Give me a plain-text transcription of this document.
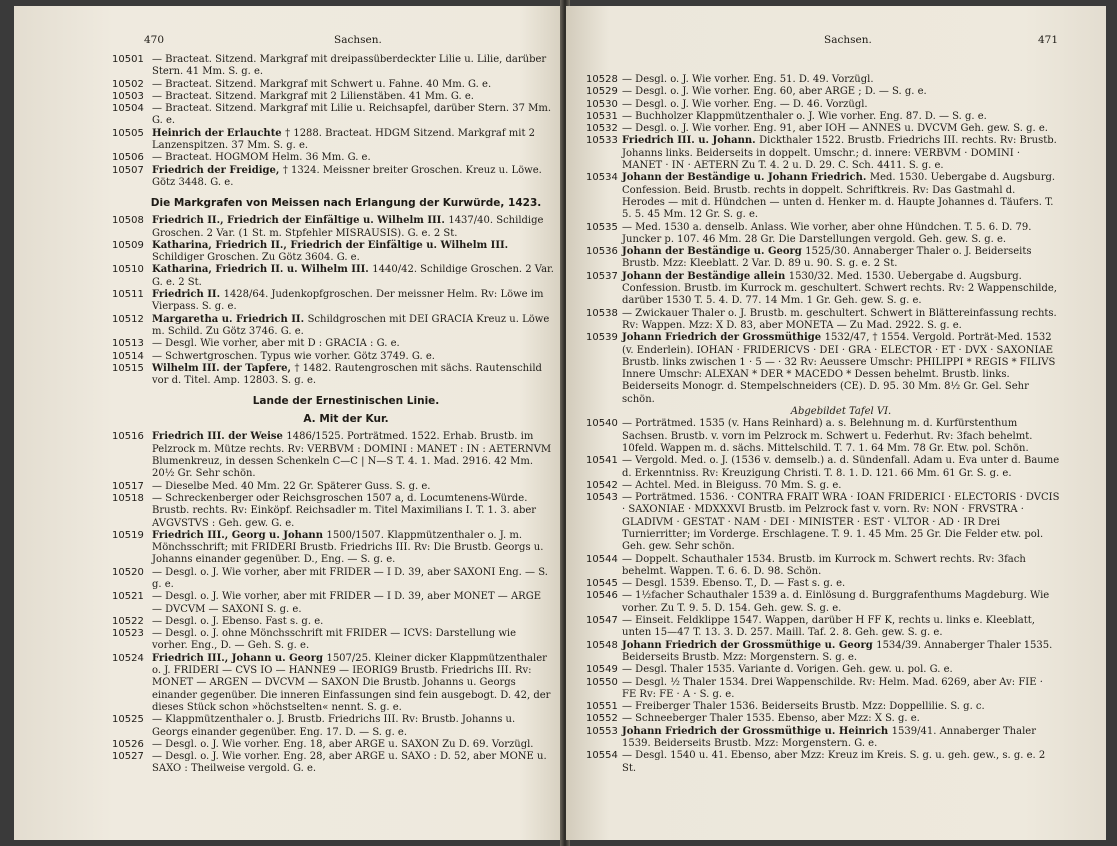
470	Sachsen.
10501 — Bracteat. Sitzend. Markgraf mit dreipassüberdeckter Lilie u. Lilie, darüber Stern. 41 Mm. S. g. e.
10502 — Bracteat. Sitzend. Markgraf mit Schwert u. Fahne. 40 Mm. G. e.
10503 — Bracteat. Sitzend. Markgraf mit 2 Lilienstäben. 41 Mm. G. e.
10504 — Bracteat. Sitzend. Markgraf mit Lilie u. Reichsapfel, darüber Stern. 37 Mm. G. e.
10505 Heinrich der Erlauchte † 1288. Bracteat. HDGM Sitzend. Markgraf mit 2 Lanzenspitzen. 37 Mm. S. g. e.
10506 — Bracteat. HOGMOM Helm. 36 Mm. G. e.
10507 Friedrich der Freidige, † 1324. Meissner breiter Groschen. Kreuz u. Löwe. Götz 3448. G. e.
Die Markgrafen von Meissen nach Erlangung der Kurwürde, 1423.
10508 Friedrich II., Friedrich der Einfältige u. Wilhelm III. 1437/40. Schildige Groschen. 2 Var. (1 St. m. Stpfehler MISRAUSIS). G. e. 2 St.
10509 Katharina, Friedrich II., Friedrich der Einfältige u. Wilhelm III. Schildiger Groschen. Zu Götz 3604. G. e.
10510 Katharina, Friedrich II. u. Wilhelm III. 1440/42. Schildige Groschen. 2 Var. G. e. 2 St.
10511 Friedrich II. 1428/64. Judenkopfgroschen. Der meissner Helm. Rv: Löwe im Vierpass. S. g. e.
10512 Margaretha u. Friedrich II. Schildgroschen mit DEI GRACIA Kreuz u. Löwe m. Schild. Zu Götz 3746. G. e.
10513 — Desgl. Wie vorher, aber mit D : GRACIA : G. e.
10514 — Schwertgroschen. Typus wie vorher. Götz 3749. G. e.
10515 Wilhelm III. der Tapfere, † 1482. Rautengroschen mit sächs. Rautenschild vor d. Titel. Amp. 12803. S. g. e.
Lande der Ernestinischen Linie.
A. Mit der Kur.
10516 Friedrich III. der Weise 1486/1525. Porträtmed. 1522. Erhab. Brustb. im Pelzrock m. Mütze rechts. Rv: VERBVM : DOMINI : MANET : IN : AETERNVM Blumenkreuz, in dessen Schenkeln C—C | N—S T. 4. 1. Mad. 2916. 42 Mm. 20½ Gr. Sehr schön.
10517 — Dieselbe Med. 40 Mm. 22 Gr. Späterer Guss. S. g. e.
10518 — Schreckenberger oder Reichsgroschen 1507 a, d. Locumtenens-Würde. Brustb. rechts. Rv: Einköpf. Reichsadler m. Titel Maximilians I. T. 1. 3. aber AVGVSTVS : Geh. gew. G. e.
10519 Friedrich III., Georg u. Johann 1500/1507. Klappmützenthaler o. J. m. Mönchsschrift; mit FRIDERI Brustb. Friedrichs III. Rv: Die Brustb. Georgs u. Johanns einander gegenüber. D., Eng. — S. g. e.
10520 — Desgl. o. J. Wie vorher, aber mit FRIDER — I D. 39, aber SAXONI Eng. — S. g. e.
10521 — Desgl. o. J. Wie vorher, aber mit FRIDER — I D. 39, aber MONET — ARGE — DVCVM — SAXONI S. g. e.
10522 — Desgl. o. J. Ebenso. Fast s. g. e.
10523 — Desgl. o. J. ohne Mönchsschrift mit FRIDER — ICVS: Darstellung wie vorher. Eng., D. — Geh. S. g. e.
10524 Friedrich III., Johann u. Georg 1507/25. Kleiner dicker Klappmützenthaler o. J. FRIDERI — CVS IO — HANNE9 — IEORIG9 Brustb. Friedrichs III. Rv: MONET — ARGEN — DVCVM — SAXON Die Brustb. Johanns u. Georgs einander gegenüber. Die inneren Einfassungen sind fein ausgebogt. D. 42, der dieses Stück schon »höchstselten« nennt. S. g. e.
10525 — Klappmützenthaler o. J. Brustb. Friedrichs III. Rv: Brustb. Johanns u. Georgs einander gegenüber. Eng. 17. D. — S. g. e.
10526 — Desgl. o. J. Wie vorher. Eng. 18, aber ARGE u. SAXON Zu D. 69. Vorzügl.
10527 — Desgl. o. J. Wie vorher. Eng. 28, aber ARGE u. SAXO : D. 52, aber MONE u. SAXO : Theilweise vergold. G. e.
Sachsen.	471
10528 — Desgl. o. J. Wie vorher. Eng. 51. D. 49. Vorzügl.
10529 — Desgl. o. J. Wie vorher. Eng. 60, aber ARGE ; D. — S. g. e.
10530 — Desgl. o. J. Wie vorher. Eng. — D. 46. Vorzügl.
10531 — Buchholzer Klappmützenthaler o. J. Wie vorher. Eng. 87. D. — S. g. e.
10532 — Desgl. o. J. Wie vorher. Eng. 91, aber IOH — ANNES u. DVCVM Geh. gew. S. g. e.
10533 Friedrich III. u. Johann. Dickthaler 1522. Brustb. Friedrichs III. rechts. Rv: Brustb. Johanns links. Beiderseits in doppelt. Umschr.; d. innere: VERBVM · DOMINI · MANET · IN · AETERN Zu T. 4. 2 u. D. 29. C. Sch. 4411. S. g. e.
10534 Johann der Beständige u. Johann Friedrich. Med. 1530. Uebergabe d. Augsburg. Confession. Beid. Brustb. rechts in doppelt. Schriftkreis. Rv: Das Gastmahl d. Herodes — mit d. Hündchen — unten d. Henker m. d. Haupte Johannes d. Täufers. T. 5. 5. 45 Mm. 12 Gr. S. g. e.
10535 — Med. 1530 a. denselb. Anlass. Wie vorher, aber ohne Hündchen. T. 5. 6. D. 79. Juncker p. 107. 46 Mm. 28 Gr. Die Darstellungen vergold. Geh. gew. S. g. e.
10536 Johann der Beständige u. Georg 1525/30. Annaberger Thaler o. J. Beiderseits Brustb. Mzz: Kleeblatt. 2 Var. D. 89 u. 90. S. g. e. 2 St.
10537 Johann der Beständige allein 1530/32. Med. 1530. Uebergabe d. Augsburg. Confession. Brustb. im Kurrock m. geschultert. Schwert rechts. Rv: 2 Wappenschilde, darüber 1530 T. 5. 4. D. 77. 14 Mm. 1 Gr. Geh. gew. S. g. e.
10538 — Zwickauer Thaler o. J. Brustb. m. geschultert. Schwert in Blättereinfassung rechts. Rv: Wappen. Mzz: X D. 83, aber MONETA — Zu Mad. 2922. S. g. e.
10539 Johann Friedrich der Grossmüthige 1532/47, † 1554. Vergold. Porträt-Med. 1532 (v. Enderlein). IOHAN · FRIDERICVS · DEI · GRA · ELECTOR · ET · DVX · SAXONIAE Brustb. links zwischen 1 · 5 — · 32 Rv: Aeussere Umschr: PHILIPPI * REGIS * FILIVS Innere Umschr: ALEXAN * DER * MACEDO * Dessen behelmt. Brustb. links. Beiderseits Monogr. d. Stempelschneiders (CE). D. 95. 30 Mm. 8½ Gr. Gel. Sehr schön.
Abgebildet Tafel VI.
10540 — Porträtmed. 1535 (v. Hans Reinhard) a. s. Belehnung m. d. Kurfürstenthum Sachsen. Brustb. v. vorn im Pelzrock m. Schwert u. Federhut. Rv: 3fach behelmt. 10feld. Wappen m. d. sächs. Mittelschild. T. 7. 1. 64 Mm. 78 Gr. Etw. pol. Schön.
10541 — Vergold. Med. o. J. (1536 v. demselb.) a. d. Sündenfall. Adam u. Eva unter d. Baume d. Erkenntniss. Rv: Kreuzigung Christi. T. 8. 1. D. 121. 66 Mm. 61 Gr. S. g. e.
10542 — Achtel. Med. in Bleiguss. 70 Mm. S. g. e.
10543 — Porträtmed. 1536. · CONTRA FRAIT WRA · IOAN FRIDERICI · ELECTORIS · DVCIS · SAXONIAE · MDXXXVI Brustb. im Pelzrock fast v. vorn. Rv: NON · FRVSTRA · GLADIVM · GESTAT · NAM · DEI · MINISTER · EST · VLTOR · AD · IR Drei Turnierritter; im Vorderge. Erschlagene. T. 9. 1. 45 Mm. 25 Gr. Die Felder etw. pol. Geh. gew. Sehr schön.
10544 — Doppelt. Schauthaler 1534. Brustb. im Kurrock m. Schwert rechts. Rv: 3fach behelmt. Wappen. T. 6. 6. D. 98. Schön.
10545 — Desgl. 1539. Ebenso. T., D. — Fast s. g. e.
10546 — 1½facher Schauthaler 1539 a. d. Einlösung d. Burggrafenthums Magdeburg. Wie vorher. Zu T. 9. 5. D. 154. Geh. gew. S. g. e.
10547 — Einseit. Feldklippe 1547. Wappen, darüber H FF K, rechts u. links e. Kleeblatt, unten 15—47 T. 13. 3. D. 257. Maill. Taf. 2. 8. Geh. gew. S. g. e.
10548 Johann Friedrich der Grossmüthige u. Georg 1534/39. Annaberger Thaler 1535. Beiderseits Brustb. Mzz: Morgenstern. S. g. e.
10549 — Desgl. Thaler 1535. Variante d. Vorigen. Geh. gew. u. pol. G. e.
10550 — Desgl. ½ Thaler 1534. Drei Wappenschilde. Rv: Helm. Mad. 6269, aber Av: FIE · FE Rv: FE · A · S. g. e.
10551 — Freiberger Thaler 1536. Beiderseits Brustb. Mzz: Doppellilie. S. g. c.
10552 — Schneeberger Thaler 1535. Ebenso, aber Mzz: X S. g. e.
10553 Johann Friedrich der Grossmüthige u. Heinrich 1539/41. Annaberger Thaler 1539. Beiderseits Brustb. Mzz: Morgenstern. G. e.
10554 — Desgl. 1540 u. 41. Ebenso, aber Mzz: Kreuz im Kreis. S. g. u. geh. gew., s. g. e. 2 St.
